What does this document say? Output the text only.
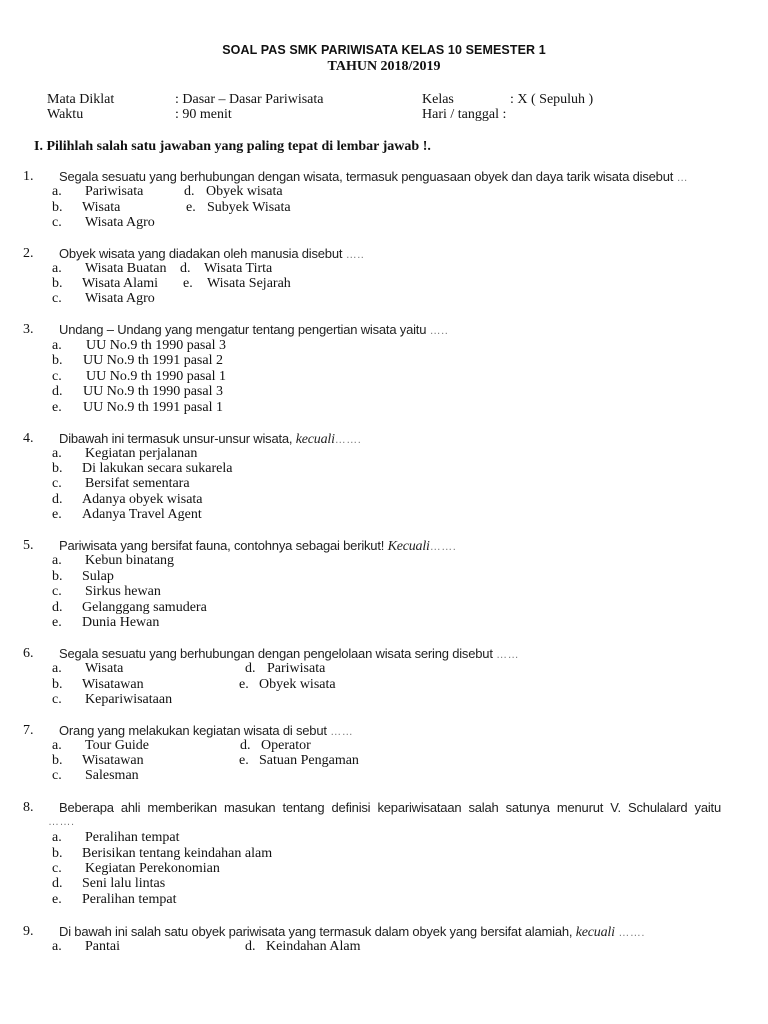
SOAL PAS SMK PARIWISATA KELAS 10 SEMESTER 1
TAHUN 2018/2019
Mata Diklat	: Dasar – Dasar Pariwisata	Kelas	: X ( Sepuluh )
Waktu	: 90 menit	Hari / tanggal :
I. Pilihlah salah satu jawaban yang paling tepat di lembar jawab !.
1. Segala sesuatu yang berhubungan dengan wisata, termasuk penguasaan obyek dan daya tarik wisata disebut …
a. Pariwisata
b. Wisata
c. Wisata Agro
d. Obyek wisata
e. Subyek Wisata
2. Obyek wisata yang diadakan oleh manusia disebut …..
a. Wisata Buatan
b. Wisata Alami
c. Wisata Agro
d. Wisata Tirta
e. Wisata Sejarah
3. Undang – Undang yang mengatur tentang pengertian wisata yaitu …..
a. UU No.9 th 1990 pasal 3
b. UU No.9 th 1991 pasal 2
c. UU No.9 th 1990 pasal 1
d. UU No.9 th 1990 pasal 3
e. UU No.9 th 1991 pasal 1
4. Dibawah ini termasuk unsur-unsur wisata, kecuali…….
a. Kegiatan perjalanan
b. Di lakukan secara sukarela
c. Bersifat sementara
d. Adanya obyek wisata
e. Adanya Travel Agent
5. Pariwisata yang bersifat fauna, contohnya sebagai berikut! Kecuali…….
a. Kebun binatang
b. Sulap
c. Sirkus hewan
d. Gelanggang samudera
e. Dunia Hewan
6. Segala sesuatu yang berhubungan dengan pengelolaan wisata sering disebut ……
a. Wisata
b. Wisatawan
c. Kepariwisataan
d. Pariwisata
e. Obyek wisata
7. Orang yang melakukan kegiatan wisata di sebut ……
a. Tour Guide
b. Wisatawan
c. Salesman
d. Operator
e. Satuan Pengaman
8. Beberapa ahli memberikan masukan tentang definisi kepariwisataan salah satunya menurut V. Schulalard yaitu
…….
a. Peralihan tempat
b. Berisikan tentang keindahan alam
c. Kegiatan Perekonomian
d. Seni lalu lintas
e. Peralihan tempat
9. Di bawah ini salah satu obyek pariwisata yang termasuk dalam obyek yang bersifat alamiah, kecuali …….
a. Pantai	d. Keindahan Alam
